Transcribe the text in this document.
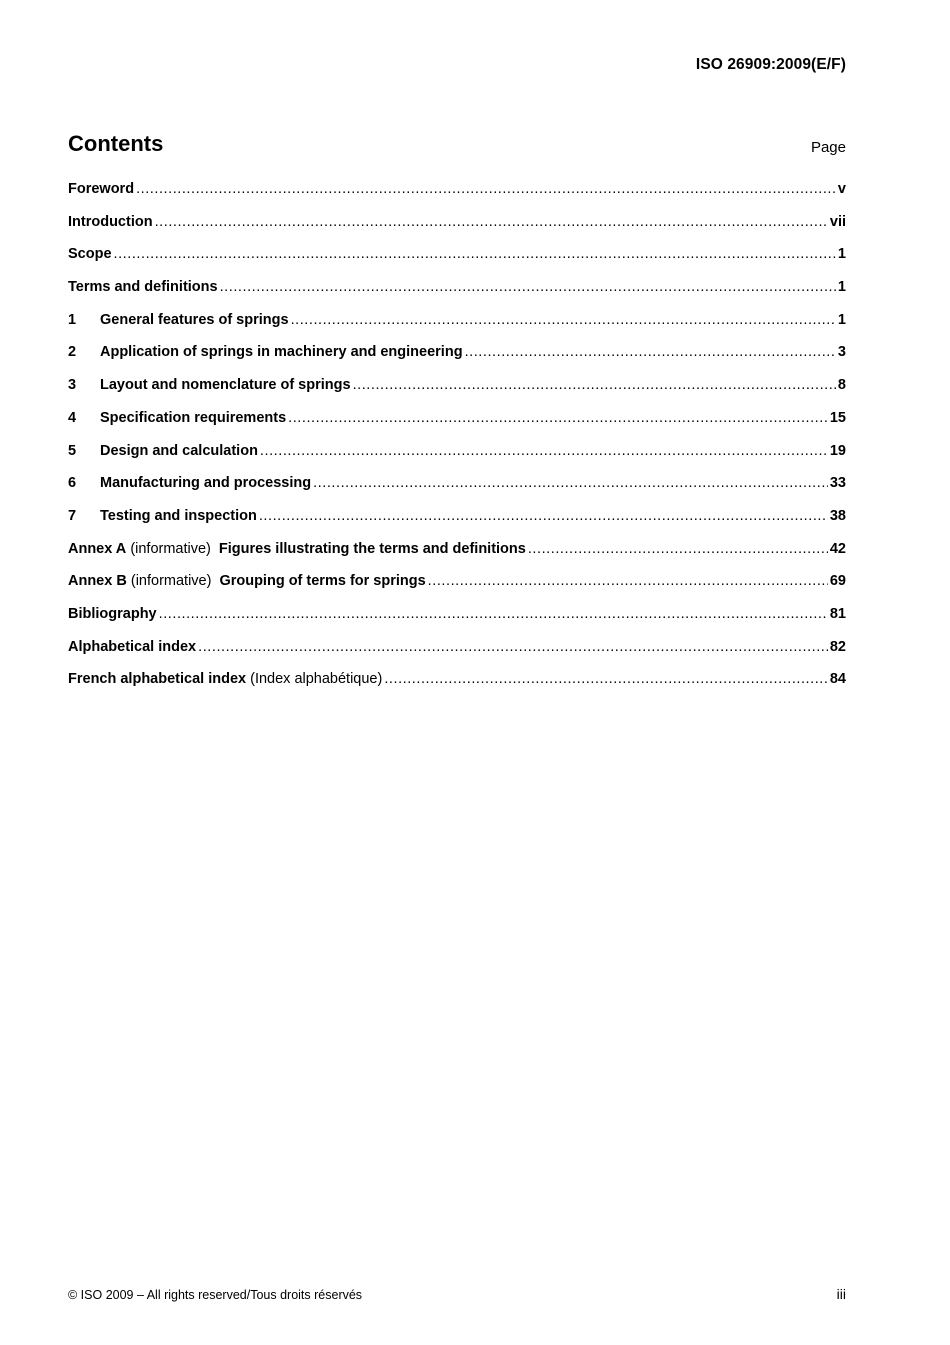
ISO 26909:2009(E/F)
Contents	Page
Foreword .....	v
Introduction .....	vii
Scope .....	1
Terms and definitions .....	1
1	General features of springs .....	1
2	Application of springs in machinery and engineering .....	3
3	Layout and nomenclature of springs .....	8
4	Specification requirements .....	15
5	Design and calculation .....	19
6	Manufacturing and processing .....	33
7	Testing and inspection .....	38
Annex A (informative) Figures illustrating the terms and definitions .....	42
Annex B (informative) Grouping of terms for springs .....	69
Bibliography .....	81
Alphabetical index .....	82
French alphabetical index (Index alphabétique) .....	84
© ISO 2009 – All rights reserved/Tous droits réservés	iii
